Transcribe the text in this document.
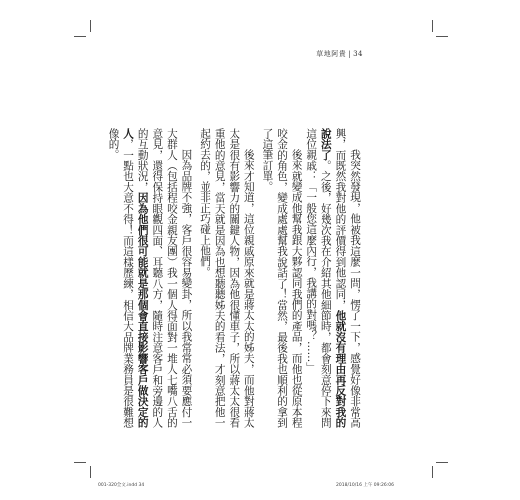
草地阿貴 | 34

我突然發現，他被我這麼一問，愣了一下，感覺好像非常高興，而既然我對他的評價得到他認同，他就沒有理由再反對我的說法了。之後，好幾次我在介紹其他細節時，都會刻意停下來問這位親戚：「一般您這麼內行，我講的對嗎？……」

後來就變成他幫我跟大夥認同我們的產品，而他也從原本程咬金的角色，變成處處幫我說話了！當然，最後我也順利的拿到了這筆訂單。

後來才知道，這位親戚原來就是蔣太太的姊夫，而他對蔣太太是很有影響力的關鍵人物，因為他很懂車子，所以蔣太太很看重他的意見，當天就是因為也想聽聽姊夫的看法，才刻意把他一起約去的，並非正巧碰上他們。

因為品牌不強，客戶很容易變卦，所以我常常必須要應付一大群人（包括程咬金親友團）我一個人得面對一堆人七嘴八舌的意見，還得保持眼觀四面、耳聽八方，隨時注意客戶和旁邊的人的互動狀況，因為他們很可能就是那個會直接影響客戶做決定的人，一點也大意不得！而這樣歷練，相信大品牌業務員是很難想像的。

001-320全文.indd 34	2018/10/16 上午 09:26:06
